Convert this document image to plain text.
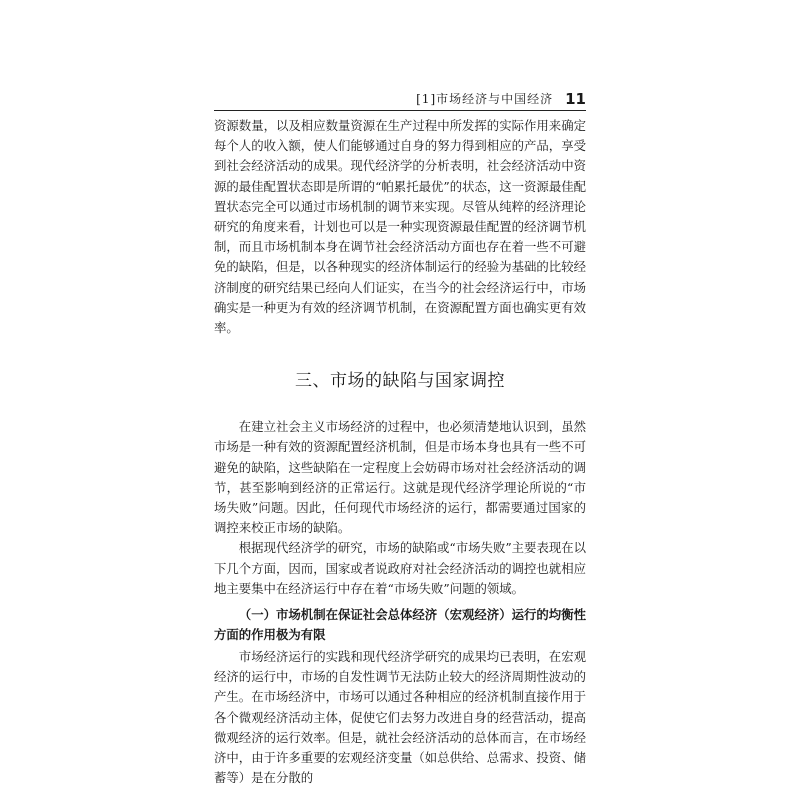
[1]市场经济与中国经济 11

资源数量，以及相应数量资源在生产过程中所发挥的实际作用来确定每个人的收入额，使人们能够通过自身的努力得到相应的产品，享受到社会经济活动的成果。现代经济学的分析表明，社会经济活动中资源的最佳配置状态即是所谓的“帕累托最优”的状态，这一资源最佳配置状态完全可以通过市场机制的调节来实现。尽管从纯粹的经济理论研究的角度来看，计划也可以是一种实现资源最佳配置的经济调节机制，而且市场机制本身在调节社会经济活动方面也存在着一些不可避免的缺陷，但是，以各种现实的经济体制运行的经验为基础的比较经济制度的研究结果已经向人们证实，在当今的社会经济运行中，市场确实是一种更为有效的经济调节机制，在资源配置方面也确实更有效率。

三、市场的缺陷与国家调控

在建立社会主义市场经济的过程中，也必须清楚地认识到，虽然市场是一种有效的资源配置经济机制，但是市场本身也具有一些不可避免的缺陷，这些缺陷在一定程度上会妨碍市场对社会经济活动的调节，甚至影响到经济的正常运行。这就是现代经济学理论所说的“市场失败”问题。因此，任何现代市场经济的运行，都需要通过国家的调控来校正市场的缺陷。

根据现代经济学的研究，市场的缺陷或“市场失败”主要表现在以下几个方面，因而，国家或者说政府对社会经济活动的调控也就相应地主要集中在经济运行中存在着“市场失败”问题的领域。

（一）市场机制在保证社会总体经济（宏观经济）运行的均衡性方面的作用极为有限

市场经济运行的实践和现代经济学研究的成果均已表明，在宏观经济的运行中，市场的自发性调节无法防止较大的经济周期性波动的产生。在市场经济中，市场可以通过各种相应的经济机制直接作用于各个微观经济活动主体，促使它们去努力改进自身的经营活动，提高微观经济的运行效率。但是，就社会经济活动的总体而言，在市场经济中，由于许多重要的宏观经济变量（如总供给、总需求、投资、储蓄等）是在分散的
